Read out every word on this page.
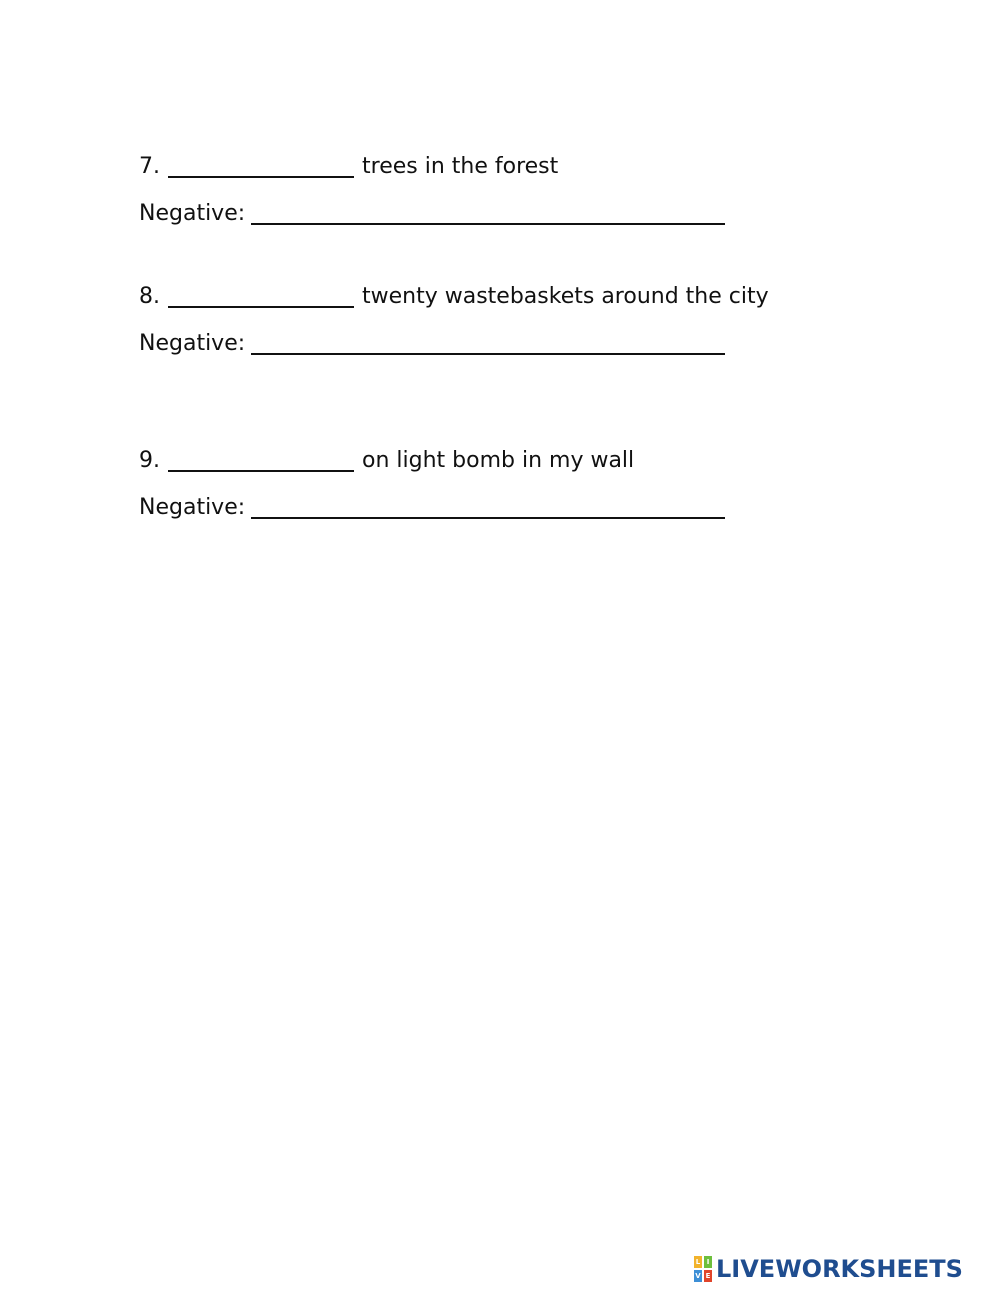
7.	trees in the forest
Negative:
8.	twenty wastebaskets around the city
Negative:
9.	on light bomb in my wall
Negative:
L I
V E LIVEWORKSHEETS
